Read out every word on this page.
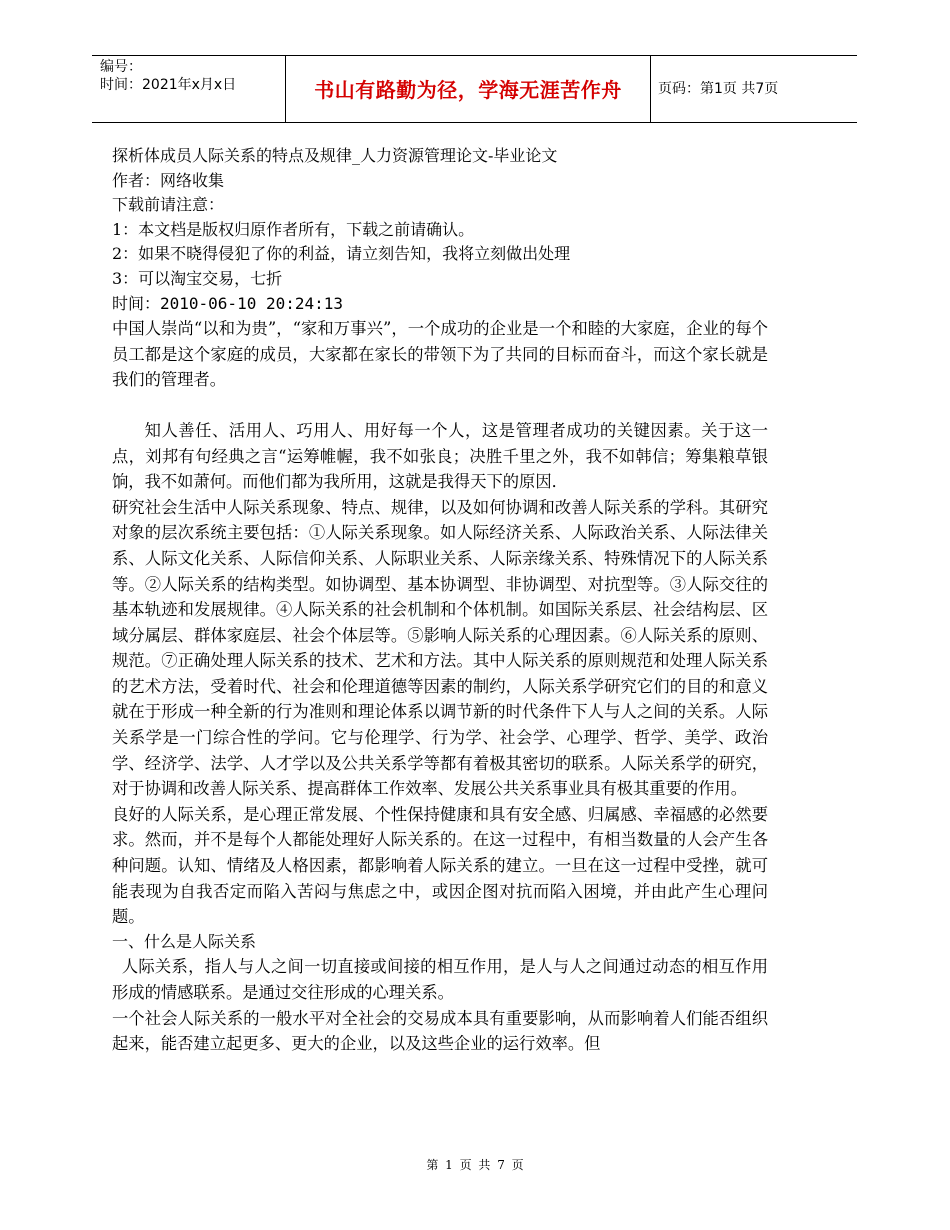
编号：
时间：2021年x月x日	书山有路勤为径，学海无涯苦作舟	页码：第1页 共7页
探析体成员人际关系的特点及规律_人力资源管理论文-毕业论文
作者：网络收集
下载前请注意：
1：本文档是版权归原作者所有，下载之前请确认。
2：如果不晓得侵犯了你的利益，请立刻告知，我将立刻做出处理
3：可以淘宝交易，七折
时间：2010-06-10 20:24:13

中国人崇尚“以和为贵”，“家和万事兴”，一个成功的企业是一个和睦的大家庭，企业的每个员工都是这个家庭的成员，大家都在家长的带领下为了共同的目标而奋斗，而这个家长就是我们的管理者。

知人善任、活用人、巧用人、用好每一个人，这是管理者成功的关键因素。关于这一点，刘邦有句经典之言“运筹帷幄，我不如张良；决胜千里之外，我不如韩信；筹集粮草银饷，我不如萧何。而他们都为我所用，这就是我得天下的原因．

研究社会生活中人际关系现象、特点、规律，以及如何协调和改善人际关系的学科。其研究对象的层次系统主要包括：①人际关系现象。如人际经济关系、人际政治关系、人际法律关系、人际文化关系、人际信仰关系、人际职业关系、人际亲缘关系、特殊情况下的人际关系等。②人际关系的结构类型。如协调型、基本协调型、非协调型、对抗型等。③人际交往的基本轨迹和发展规律。④人际关系的社会机制和个体机制。如国际关系层、社会结构层、区域分属层、群体家庭层、社会个体层等。⑤影响人际关系的心理因素。⑥人际关系的原则、规范。⑦正确处理人际关系的技术、艺术和方法。其中人际关系的原则规范和处理人际关系的艺术方法，受着时代、社会和伦理道德等因素的制约，人际关系学研究它们的目的和意义就在于形成一种全新的行为准则和理论体系以调节新的时代条件下人与人之间的关系。人际关系学是一门综合性的学问。它与伦理学、行为学、社会学、心理学、哲学、美学、政治学、经济学、法学、人才学以及公共关系学等都有着极其密切的联系。人际关系学的研究，对于协调和改善人际关系、提高群体工作效率、发展公共关系事业具有极其重要的作用。

良好的人际关系，是心理正常发展、个性保持健康和具有安全感、归属感、幸福感的必然要求。然而，并不是每个人都能处理好人际关系的。在这一过程中，有相当数量的人会产生各种问题。认知、情绪及人格因素，都影响着人际关系的建立。一旦在这一过程中受挫，就可能表现为自我否定而陷入苦闷与焦虑之中，或因企图对抗而陷入困境，并由此产生心理问题。

一、什么是人际关系

人际关系，指人与人之间一切直接或间接的相互作用，是人与人之间通过动态的相互作用形成的情感联系。是通过交往形成的心理关系。

一个社会人际关系的一般水平对全社会的交易成本具有重要影响，从而影响着人们能否组织起来，能否建立起更多、更大的企业，以及这些企业的运行效率。但

第 1 页 共 7 页
